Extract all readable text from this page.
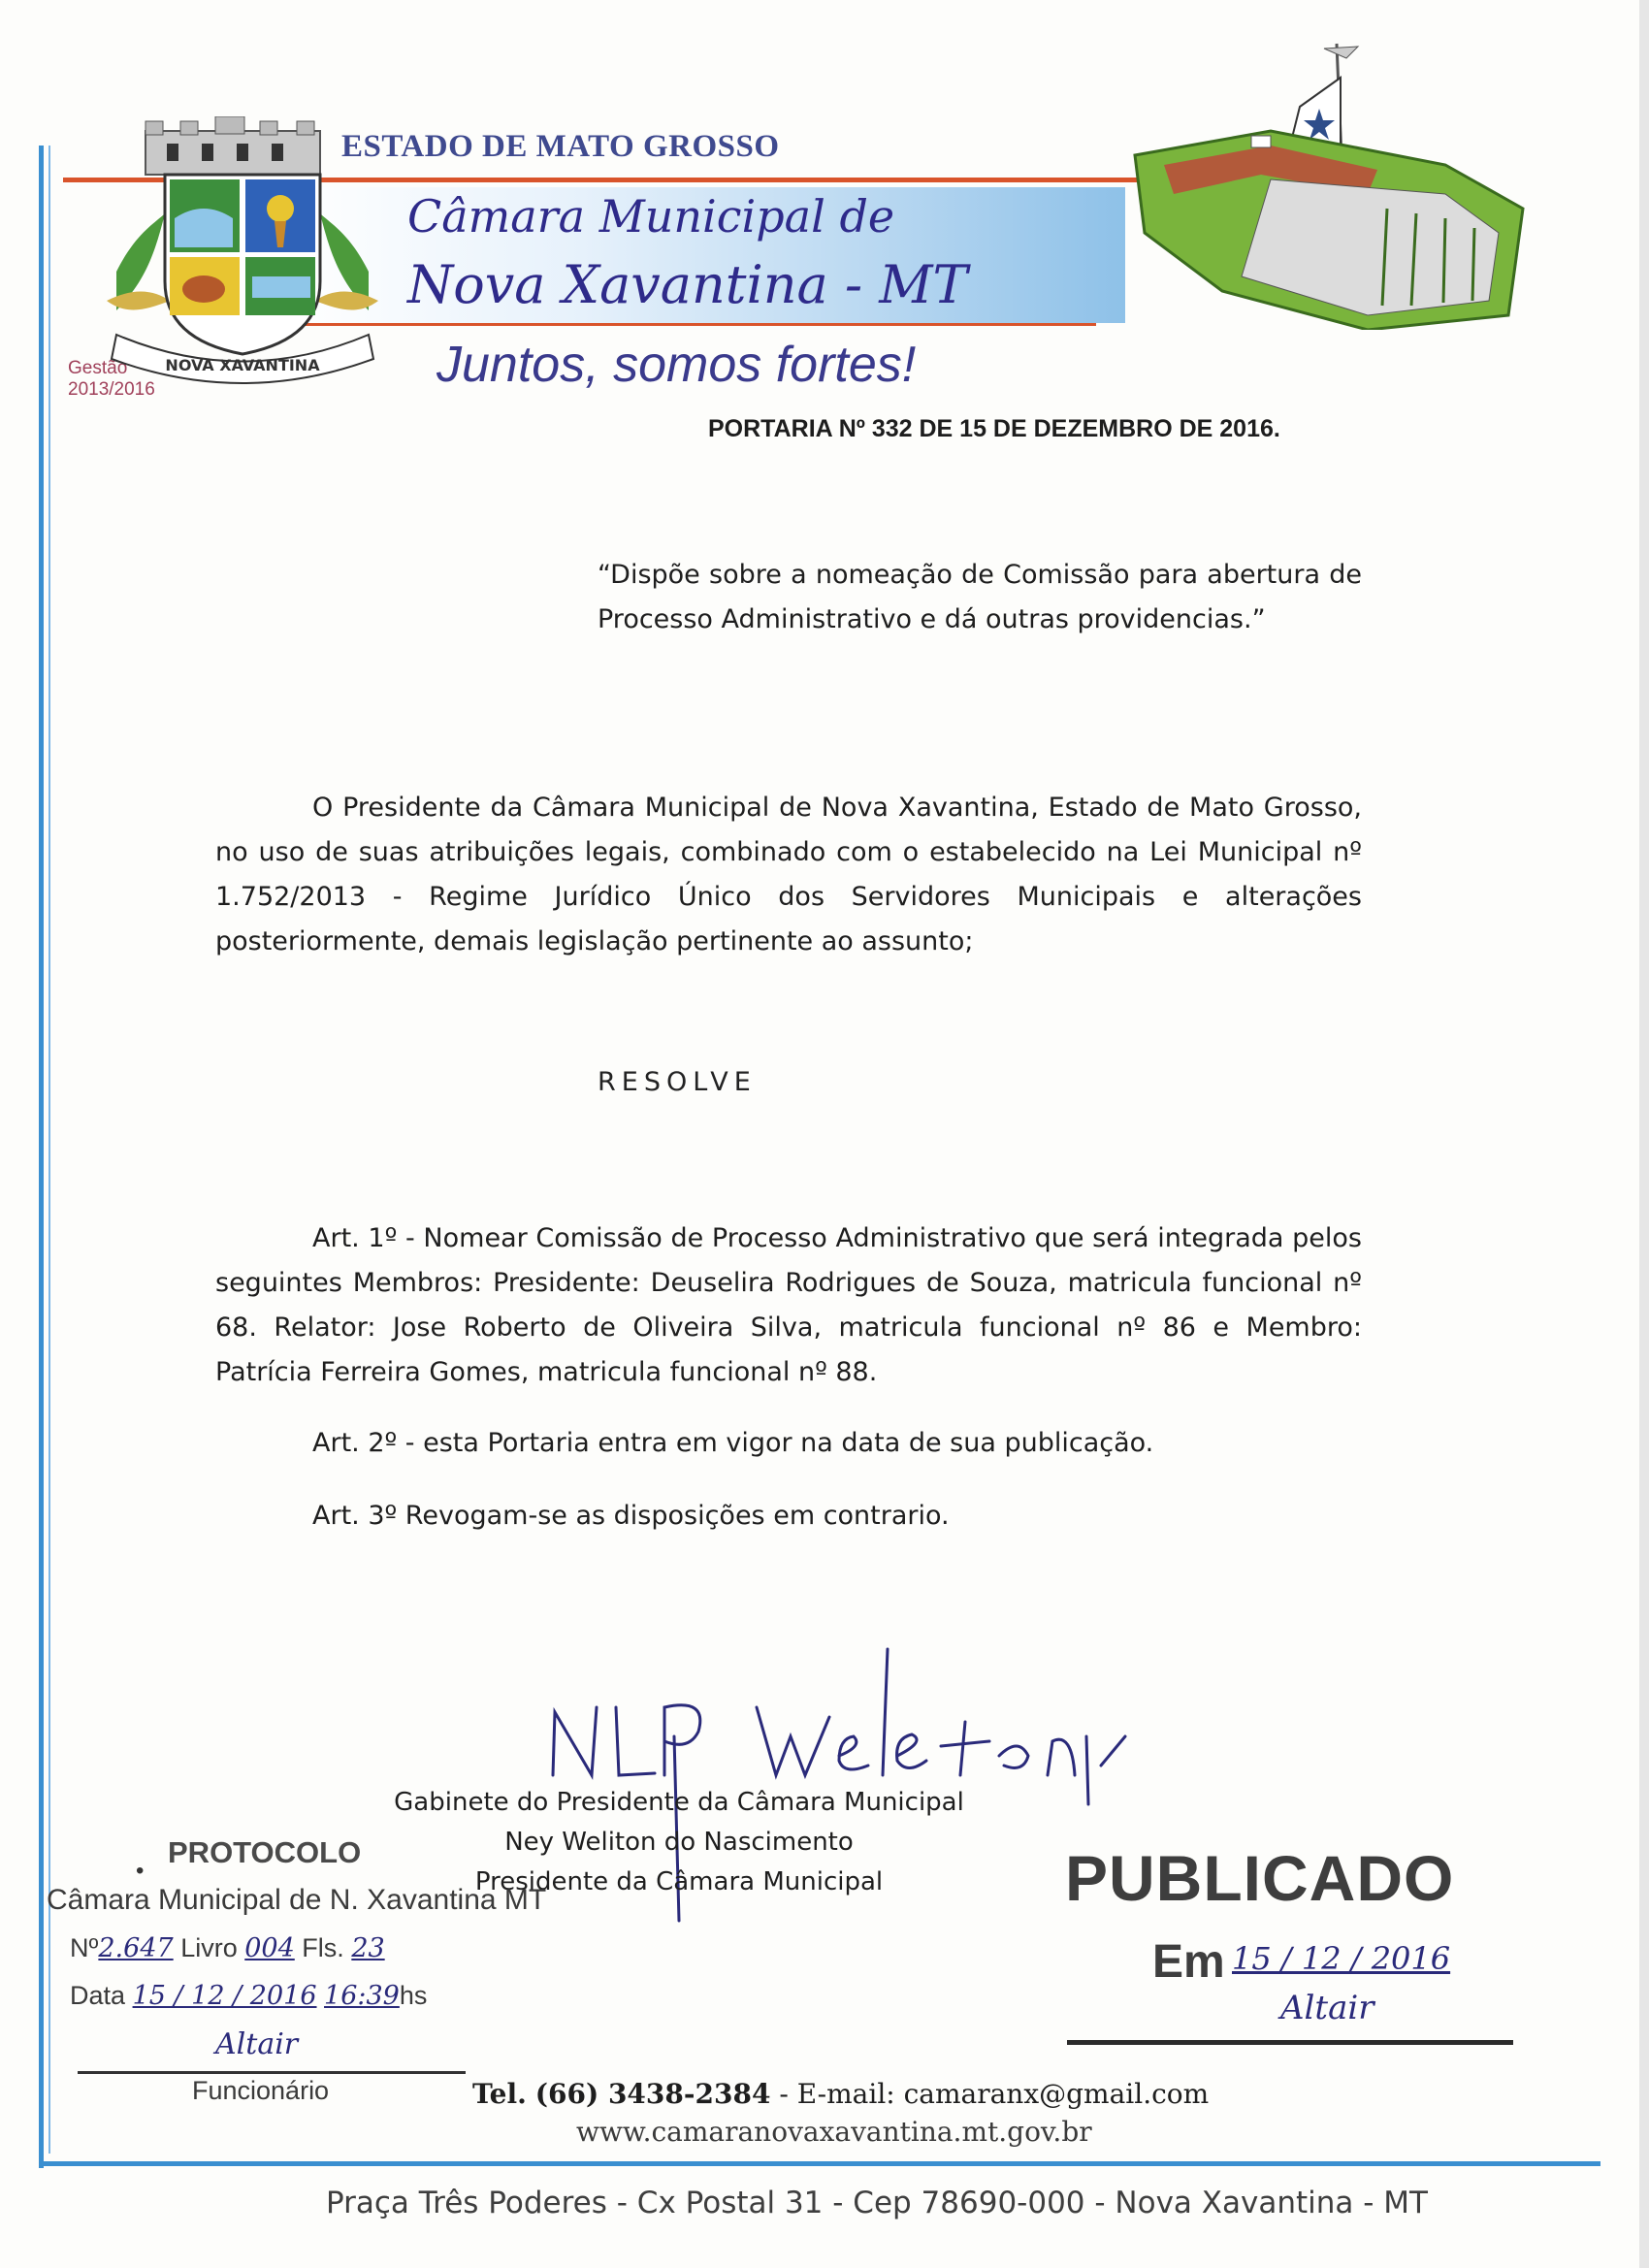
ESTADO DE MATO GROSSO
Câmara Municipal de
Nova Xavantina - MT
Juntos, somos fortes!
Gestão
2013/2016
NOVA XAVANTINA
PORTARIA Nº 332 DE 15 DE DEZEMBRO DE 2016.
“Dispõe sobre a nomeação de Comissão para abertura de Processo Administrativo e dá outras providencias.”
O Presidente da Câmara Municipal de Nova Xavantina, Estado de Mato Grosso, no uso de suas atribuições legais, combinado com o estabelecido na Lei Municipal nº 1.752/2013 - Regime Jurídico Único dos Servidores Municipais e alterações posteriormente, demais legislação pertinente ao assunto;
RESOLVE
Art. 1º - Nomear Comissão de Processo Administrativo que será integrada pelos seguintes Membros: Presidente: Deuselira Rodrigues de Souza, matricula funcional nº 68. Relator: Jose Roberto de Oliveira Silva, matricula funcional nº 86 e Membro: Patrícia Ferreira Gomes, matricula funcional nº 88.
Art. 2º - esta Portaria entra em vigor na data de sua publicação.
Art. 3º Revogam-se as disposições em contrario.
Gabinete do Presidente da Câmara Municipal
Ney Weliton do Nascimento
Presidente da Câmara Municipal
•
PROTOCOLO
Câmara Municipal de N. Xavantina MT
Nº2.647 Livro 004 Fls. 23
Data 15 / 12 / 2016 16:39hs
Altair
Funcionário
PUBLICADO
Em 15 / 12 / 2016
Altair
Tel. (66) 3438-2384 - E-mail: camaranx@gmail.com
www.camaranovaxavantina.mt.gov.br
Praça Três Poderes - Cx Postal 31 - Cep 78690-000 - Nova Xavantina - MT
